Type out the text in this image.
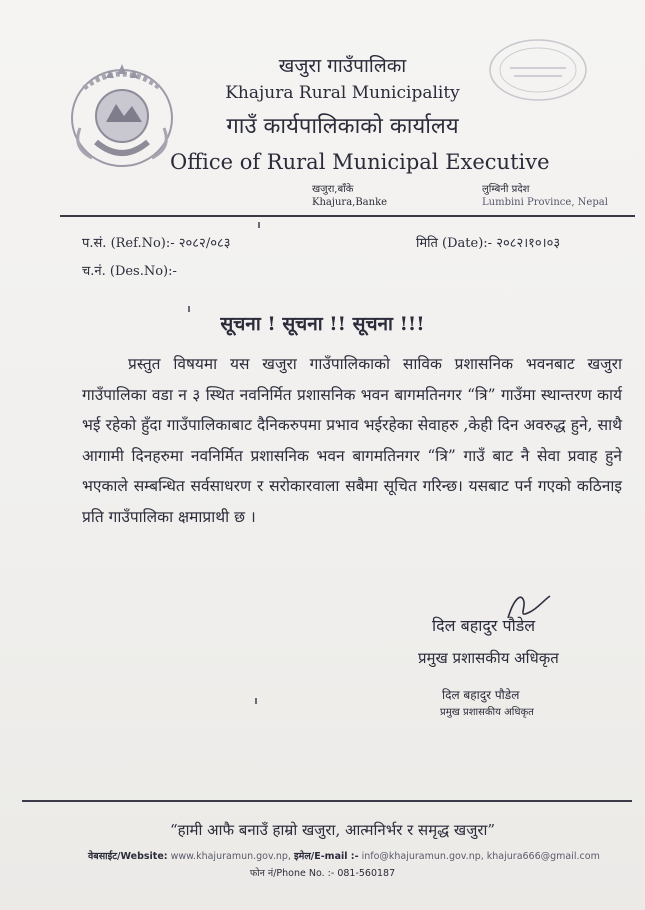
खजुरा गाउँपालिका
Khajura Rural Municipality
गाउँ कार्यपालिकाको कार्यालय
Office of Rural Municipal Executive
खजुरा,बाँके
Khajura,Banke
लुम्बिनी प्रदेश
Lumbini Province, Nepal
प.सं. (Ref.No):- २०८२/०८३	मिति (Date):- २०८२।१०।०३
च.नं. (Des.No):-
सूचना ! सूचना !! सूचना !!!

प्रस्तुत विषयमा यस खजुरा गाउँपालिकाको साविक प्रशासनिक भवनबाट खजुरा गाउँपालिका वडा न ३ स्थित नवनिर्मित प्रशासनिक भवन बागमतिनगर “त्रि” गाउँमा स्थान्तरण कार्य भई रहेको हुँदा गाउँपालिकाबाट दैनिकरुपमा प्रभाव भईरहेका सेवाहरु ,केही दिन अवरुद्ध हुने, साथै आगामी दिनहरुमा नवनिर्मित प्रशासनिक भवन बागमतिनगर “त्रि” गाउँ बाट नै सेवा प्रवाह हुने भएकाले सम्बन्धित सर्वसाधरण र सरोकारवाला सबैमा सूचित गरिन्छ। यसबाट पर्न गएको कठिनाइ प्रति गाउँपालिका क्षमाप्राथी छ ।

दिल बहादुर पौडेल
प्रमुख प्रशासकीय अधिकृत
दिल बहादुर पौडेल
प्रमुख प्रशासकीय अधिकृत
“हामी आफै बनाउँ हाम्रो खजुरा, आत्मनिर्भर र समृद्ध खजुरा”
वेबसाईट/Website: www.khajuramun.gov.np, इमेल/E-mail :- info@khajuramun.gov.np, khajura666@gmail.com
फोन नं/Phone No. :- 081-560187
